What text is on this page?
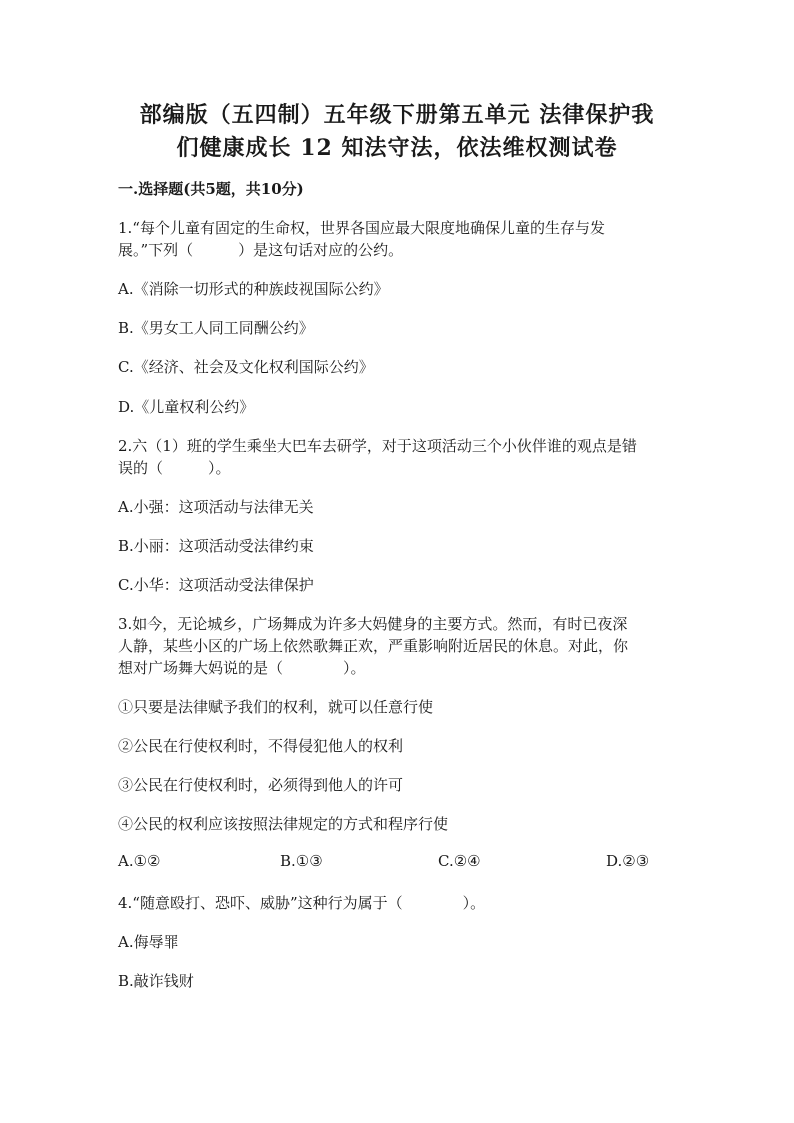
部编版（五四制）五年级下册第五单元 法律保护我
们健康成长 12 知法守法，依法维权测试卷
一.选择题(共5题，共10分)
1.“每个儿童有固定的生命权，世界各国应最大限度地确保儿童的生存与发
展。”下列（　　　）是这句话对应的公约。
A.《消除一切形式的种族歧视国际公约》
B.《男女工人同工同酬公约》
C.《经济、社会及文化权利国际公约》
D.《儿童权利公约》
2.六（1）班的学生乘坐大巴车去研学，对于这项活动三个小伙伴谁的观点是错
误的（　　　）。
A.小强：这项活动与法律无关
B.小丽：这项活动受法律约束
C.小华：这项活动受法律保护
3.如今，无论城乡，广场舞成为许多大妈健身的主要方式。然而，有时已夜深
人静，某些小区的广场上依然歌舞正欢，严重影响附近居民的休息。对此，你
想对广场舞大妈说的是（　　　　）。
①只要是法律赋予我们的权利，就可以任意行使
②公民在行使权利时，不得侵犯他人的权利
③公民在行使权利时，必须得到他人的许可
④公民的权利应该按照法律规定的方式和程序行使
A.①②	B.①③	C.②④	D.②③
4.“随意殴打、恐吓、威胁”这种行为属于（　　　　）。
A.侮辱罪
B.敲诈钱财
